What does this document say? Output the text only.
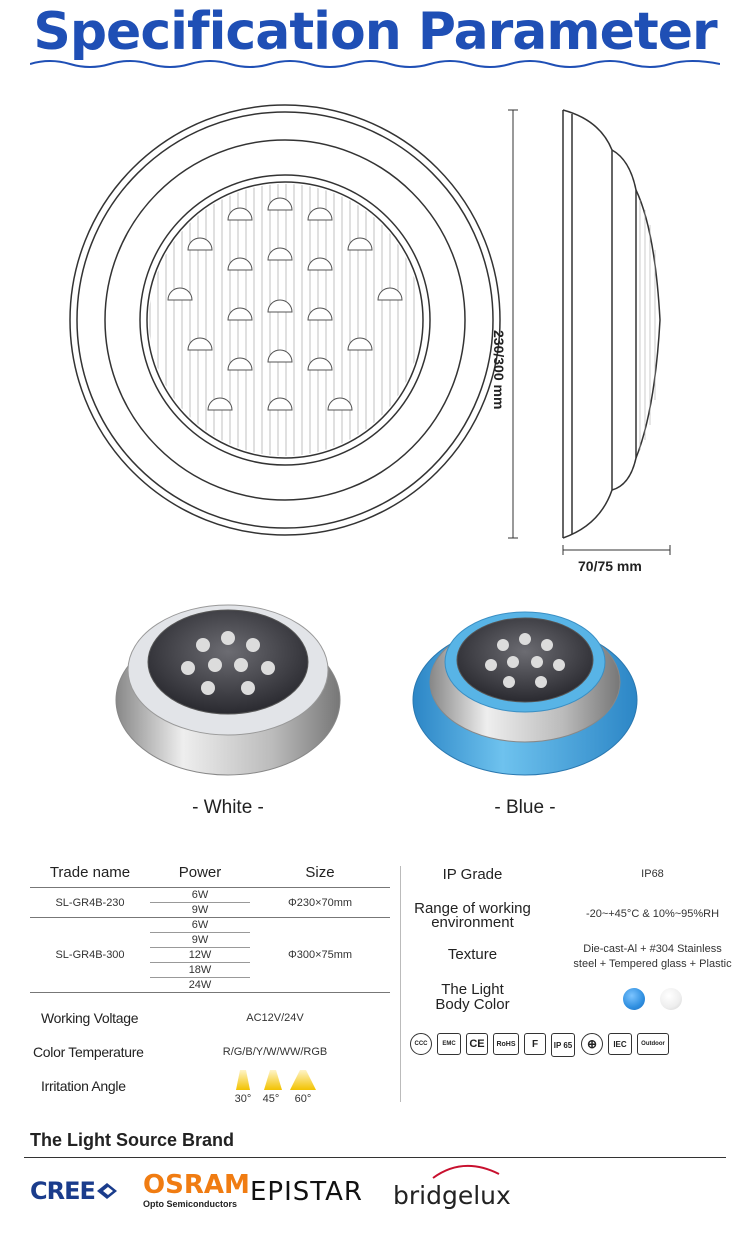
Specification Parameter
230/300 mm
70/75 mm
- White -	- Blue -
Trade name	Power	Size
SL-GR4B-230	6W	Φ230×70mm
	9W	
SL-GR4B-300	6W	Φ300×75mm
	9W	
	12W	
	18W	
	24W	

Working Voltage	AC12V/24V
Color Temperature	R/G/B/Y/W/WW/RGB
Irritation Angle
30°	45°	60°
IP Grade	IP68
Range of working
environment	-20~+45°C & 10%~95%RH
Texture	Die-cast-Al + #304 Stainless
steel + Tempered glass + Plastic
The Light
Body Color
CCC	EMC	CE	RoHS	F	IP 65	⊕	IEC	Outdoor
The Light Source Brand
CREE OSRAM
Opto Semiconductors EPISTAR bridgelux
